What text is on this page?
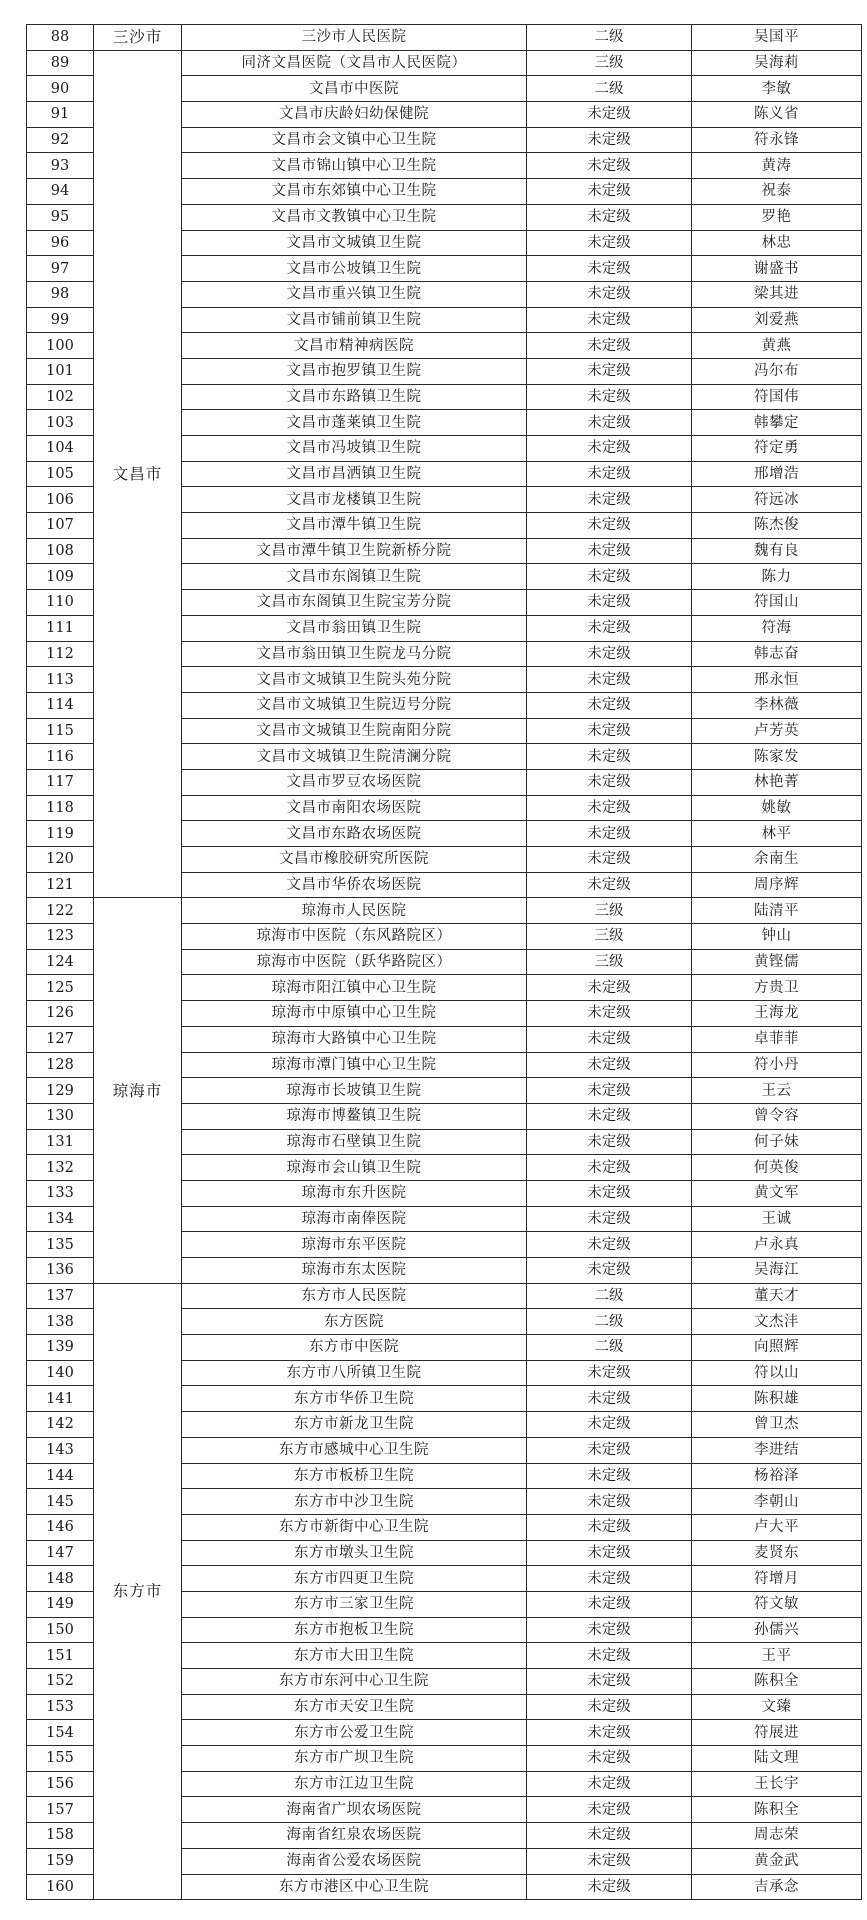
88	三沙市	三沙市人民医院	二级	吴国平
89	文昌市	同济文昌医院（文昌市人民医院）	三级	吴海莉
90		文昌市中医院	二级	李敏
91		文昌市庆龄妇幼保健院	未定级	陈义省
92		文昌市会文镇中心卫生院	未定级	符永锋
93		文昌市锦山镇中心卫生院	未定级	黄涛
94		文昌市东郊镇中心卫生院	未定级	祝泰
95		文昌市文教镇中心卫生院	未定级	罗艳
96		文昌市文城镇卫生院	未定级	林忠
97		文昌市公坡镇卫生院	未定级	谢盛书
98		文昌市重兴镇卫生院	未定级	梁其进
99		文昌市铺前镇卫生院	未定级	刘爱燕
100		文昌市精神病医院	未定级	黄燕
101		文昌市抱罗镇卫生院	未定级	冯尔布
102		文昌市东路镇卫生院	未定级	符国伟
103		文昌市蓬莱镇卫生院	未定级	韩攀定
104		文昌市冯坡镇卫生院	未定级	符定勇
105		文昌市昌洒镇卫生院	未定级	邢增浩
106		文昌市龙楼镇卫生院	未定级	符远冰
107		文昌市潭牛镇卫生院	未定级	陈杰俊
108		文昌市潭牛镇卫生院新桥分院	未定级	魏有良
109		文昌市东阁镇卫生院	未定级	陈力
110		文昌市东阁镇卫生院宝芳分院	未定级	符国山
111		文昌市翁田镇卫生院	未定级	符海
112		文昌市翁田镇卫生院龙马分院	未定级	韩志奋
113		文昌市文城镇卫生院头苑分院	未定级	邢永恒
114		文昌市文城镇卫生院迈号分院	未定级	李林薇
115		文昌市文城镇卫生院南阳分院	未定级	卢芳英
116		文昌市文城镇卫生院清澜分院	未定级	陈家发
117		文昌市罗豆农场医院	未定级	林艳菁
118		文昌市南阳农场医院	未定级	姚敏
119		文昌市东路农场医院	未定级	林平
120		文昌市橡胶研究所医院	未定级	余南生
121		文昌市华侨农场医院	未定级	周序辉
122	琼海市	琼海市人民医院	三级	陆清平
123		琼海市中医院（东风路院区）	三级	钟山
124		琼海市中医院（跃华路院区）	三级	黄铿儒
125		琼海市阳江镇中心卫生院	未定级	方贵卫
126		琼海市中原镇中心卫生院	未定级	王海龙
127		琼海市大路镇中心卫生院	未定级	卓菲菲
128		琼海市潭门镇中心卫生院	未定级	符小丹
129		琼海市长坡镇卫生院	未定级	王云
130		琼海市博鳌镇卫生院	未定级	曾令容
131		琼海市石壁镇卫生院	未定级	何子妹
132		琼海市会山镇卫生院	未定级	何英俊
133		琼海市东升医院	未定级	黄文军
134		琼海市南俸医院	未定级	王诚
135		琼海市东平医院	未定级	卢永真
136		琼海市东太医院	未定级	吴海江
137	东方市	东方市人民医院	二级	董天才
138		东方医院	二级	文杰沣
139		东方市中医院	二级	向照辉
140		东方市八所镇卫生院	未定级	符以山
141		东方市华侨卫生院	未定级	陈积雄
142		东方市新龙卫生院	未定级	曾卫杰
143		东方市感城中心卫生院	未定级	李进结
144		东方市板桥卫生院	未定级	杨裕泽
145		东方市中沙卫生院	未定级	李朝山
146		东方市新街中心卫生院	未定级	卢大平
147		东方市墩头卫生院	未定级	麦贤东
148		东方市四更卫生院	未定级	符增月
149		东方市三家卫生院	未定级	符文敏
150		东方市抱板卫生院	未定级	孙儒兴
151		东方市大田卫生院	未定级	王平
152		东方市东河中心卫生院	未定级	陈积全
153		东方市天安卫生院	未定级	文臻
154		东方市公爱卫生院	未定级	符展进
155		东方市广坝卫生院	未定级	陆文理
156		东方市江边卫生院	未定级	王长宇
157		海南省广坝农场医院	未定级	陈积全
158		海南省红泉农场医院	未定级	周志荣
159		海南省公爱农场医院	未定级	黄金武
160		东方市港区中心卫生院	未定级	吉承念
